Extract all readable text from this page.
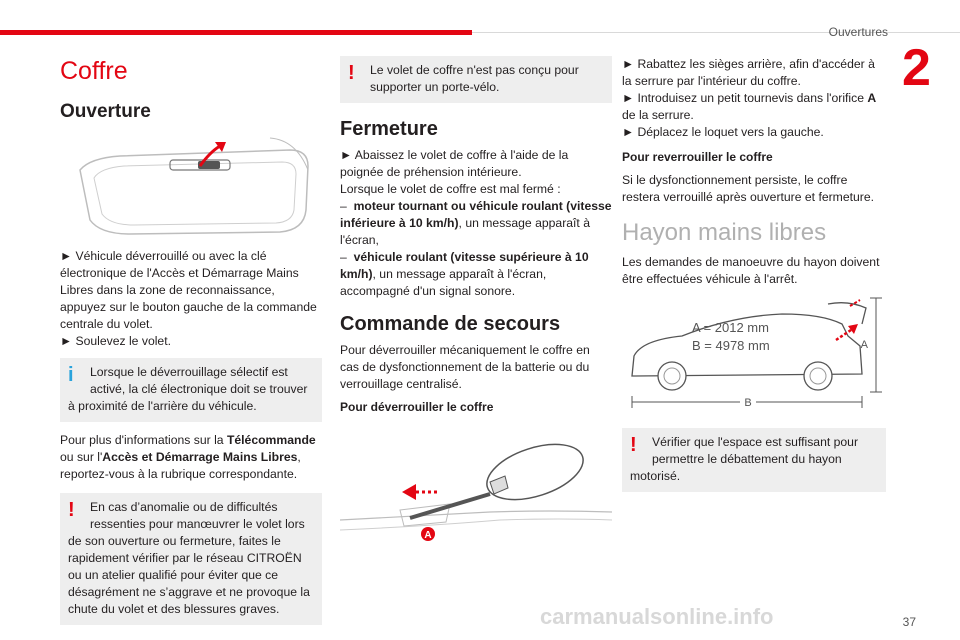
Ouvertures
2
37
carmanualsonline.info
Coffre
Ouverture

► Véhicule déverrouillé ou avec la clé électronique de l'Accès et Démarrage Mains Libres dans la zone de reconnaissance, appuyez sur le bouton gauche de la commande centrale du volet.

► Soulevez le volet.

i	Lorsque le déverrouillage sélectif est activé, la clé électronique doit se trouver

à proximité de l'arrière du véhicule.

Pour plus d'informations sur la Télécommande ou sur l'Accès et Démarrage Mains Libres, reportez-vous à la rubrique correspondante.

!	En cas d’anomalie ou de difficultés ressenties pour manœuvrer le volet lors

de son ouverture ou fermeture, faites le rapidement vérifier par le réseau CITROËN ou un atelier qualifié pour éviter que ce désagrément ne s’aggrave et ne provoque la chute du volet et des blessures graves.

!	Le volet de coffre n'est pas conçu pour supporter un porte-vélo.

Fermeture

► Abaissez le volet de coffre à l'aide de la poignée de préhension intérieure.

Lorsque le volet de coffre est mal fermé :

–  moteur tournant ou véhicule roulant (vitesse inférieure à 10 km/h), un message apparaît à l'écran,

–  véhicule roulant (vitesse supérieure à 10 km/h), un message apparaît à l'écran, accompagné d'un signal sonore.

Commande de secours

Pour déverrouiller mécaniquement le coffre en cas de dysfonctionnement de la batterie ou du verrouillage centralisé.

Pour déverrouiller le coffre

A

► Rabattez les sièges arrière, afin d'accéder à la serrure par l'intérieur du coffre.

► Introduisez un petit tournevis dans l'orifice A
de la serrure.

► Déplacez le loquet vers la gauche.

Pour reverrouiller le coffre

Si le dysfonctionnement persiste, le coffre restera verrouillé après ouverture et fermeture.

Hayon mains libres

Les demandes de manoeuvre du hayon doivent être effectuées véhicule à l'arrêt.

A
B
A = 2012 mm
B = 4978 mm
!	Vérifier que l'espace est suffisant pour permettre le débattement du hayon

motorisé.
